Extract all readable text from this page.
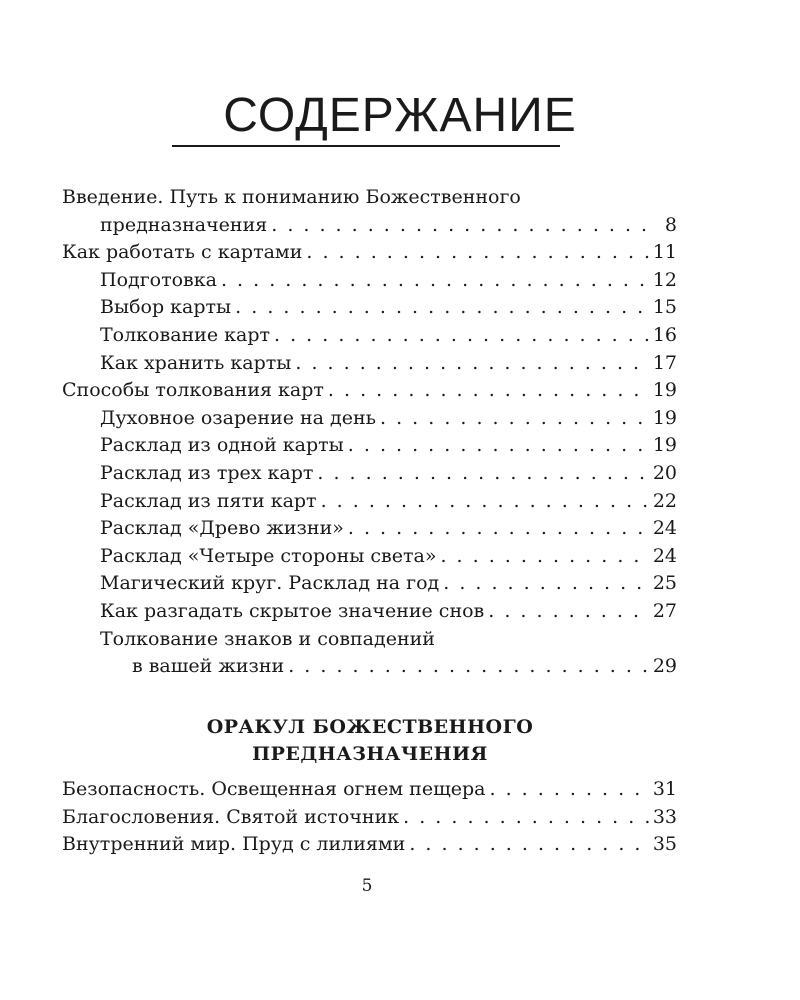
СОДЕРЖАНИЕ
Введение. Путь к пониманию Божественного
предназначения . . .	8
Как работать с картами . . .	11
Подготовка . . .	12
Выбор карты . . .	15
Толкование карт . . .	16
Как хранить карты . . .	17
Способы толкования карт . . .	19
Духовное озарение на день . . .	19
Расклад из одной карты . . .	19
Расклад из трех карт . . .	20
Расклад из пяти карт . . .	22
Расклад «Древо жизни» . . .	24
Расклад «Четыре стороны света» . . .	24
Магический круг. Расклад на год . . .	25
Как разгадать скрытое значение снов . . .	27
Толкование знаков и совпадений
в вашей жизни . . .	29
ОРАКУЛ БОЖЕСТВЕННОГО
ПРЕДНАЗНАЧЕНИЯ
Безопасность. Освещенная огнем пещера . . .	31
Благословения. Святой источник . . .	33
Внутренний мир. Пруд с лилиями . . .	35
5
